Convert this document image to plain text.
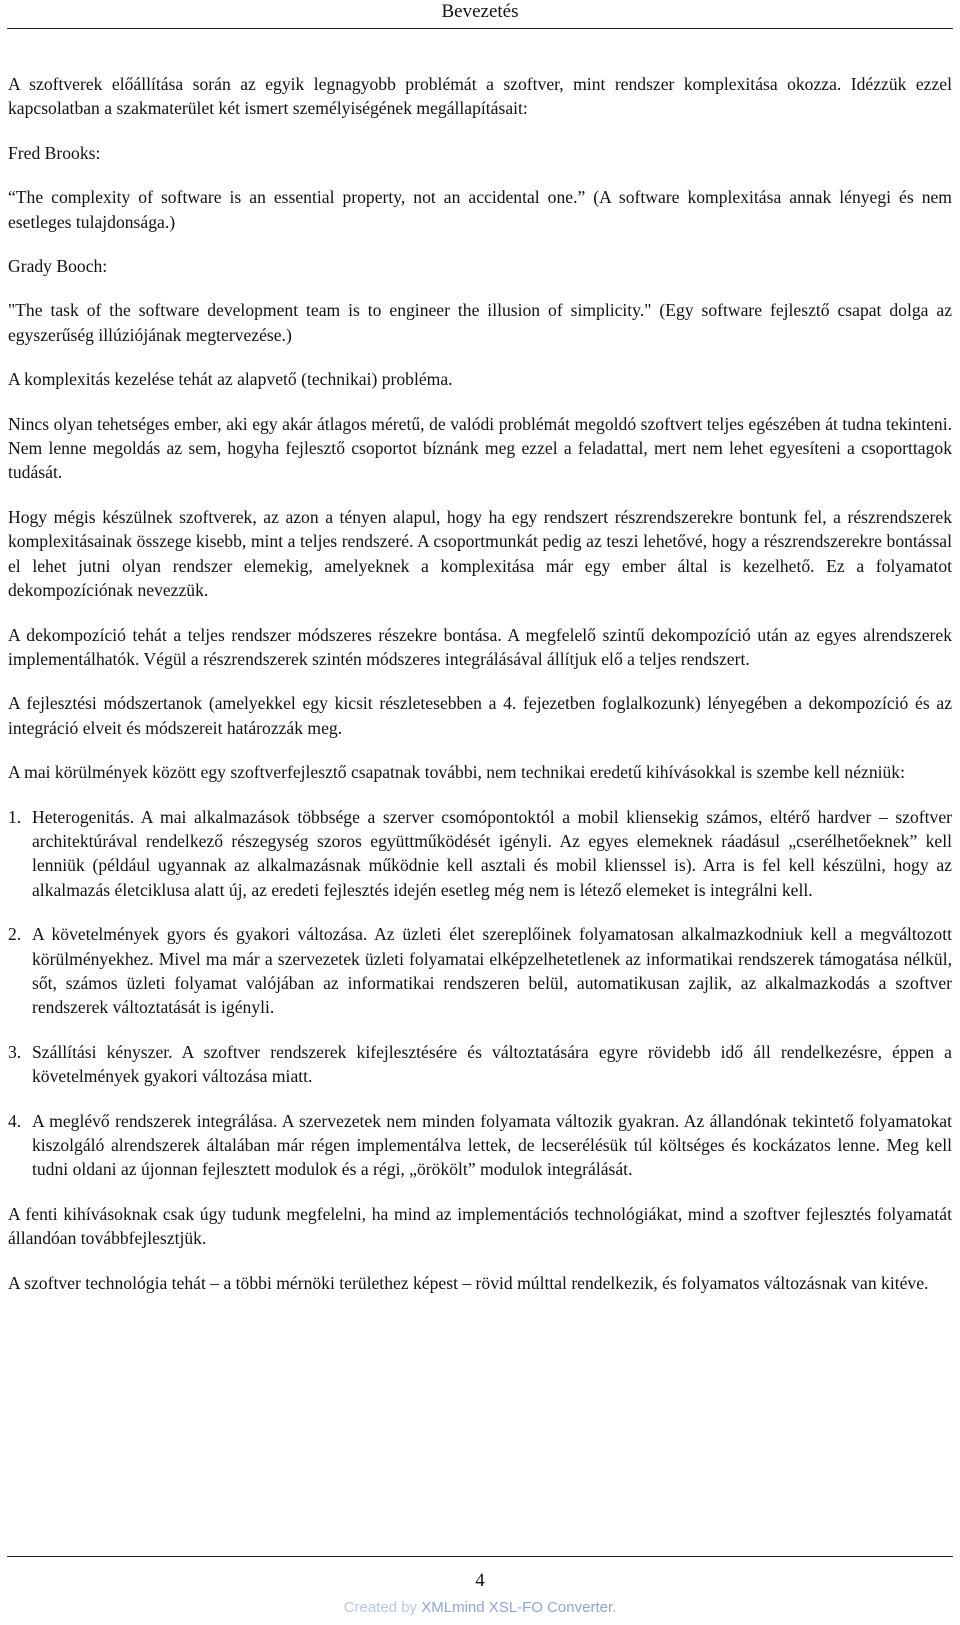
Bevezetés

A szoftverek előállítása során az egyik legnagyobb problémát a szoftver, mint rendszer komplexitása okozza. Idézzük ezzel kapcsolatban a szakmaterület két ismert személyiségének megállapításait:

Fred Brooks:

“The complexity of software is an essential property, not an accidental one.” (A software komplexitása annak lényegi és nem esetleges tulajdonsága.)

Grady Booch:

"The task of the software development team is to engineer the illusion of simplicity." (Egy software fejlesztő csapat dolga az egyszerűség illúziójának megtervezése.)

A komplexitás kezelése tehát az alapvető (technikai) probléma.

Nincs olyan tehetséges ember, aki egy akár átlagos méretű, de valódi problémát megoldó szoftvert teljes egészében át tudna tekinteni. Nem lenne megoldás az sem, hogyha fejlesztő csoportot bíznánk meg ezzel a feladattal, mert nem lehet egyesíteni a csoporttagok tudását.

Hogy mégis készülnek szoftverek, az azon a tényen alapul, hogy ha egy rendszert részrendszerekre bontunk fel, a részrendszerek komplexitásainak összege kisebb, mint a teljes rendszeré. A csoportmunkát pedig az teszi lehetővé, hogy a részrendszerekre bontással el lehet jutni olyan rendszer elemekig, amelyeknek a komplexitása már egy ember által is kezelhető. Ez a folyamatot dekompozíciónak nevezzük.

A dekompozíció tehát a teljes rendszer módszeres részekre bontása. A megfelelő szintű dekompozíció után az egyes alrendszerek implementálhatók. Végül a részrendszerek szintén módszeres integrálásával állítjuk elő a teljes rendszert.

A fejlesztési módszertanok (amelyekkel egy kicsit részletesebben a 4. fejezetben foglalkozunk) lényegében a dekompozíció és az integráció elveit és módszereit határozzák meg.

A mai körülmények között egy szoftverfejlesztő csapatnak további, nem technikai eredetű kihívásokkal is szembe kell nézniük:

1. Heterogenitás. A mai alkalmazások többsége a szerver csomópontoktól a mobil kliensekig számos, eltérő hardver – szoftver architektúrával rendelkező részegység szoros együttműködését igényli. Az egyes elemeknek ráadásul „cserélhetőeknek” kell lenniük (például ugyannak az alkalmazásnak működnie kell asztali és mobil klienssel is). Arra is fel kell készülni, hogy az alkalmazás életciklusa alatt új, az eredeti fejlesztés idején esetleg még nem is létező elemeket is integrálni kell.
2. A követelmények gyors és gyakori változása. Az üzleti élet szereplőinek folyamatosan alkalmazkodniuk kell a megváltozott körülményekhez. Mivel ma már a szervezetek üzleti folyamatai elképzelhetetlenek az informatikai rendszerek támogatása nélkül, sőt, számos üzleti folyamat valójában az informatikai rendszeren belül, automatikusan zajlik, az alkalmazkodás a szoftver rendszerek változtatását is igényli.
3. Szállítási kényszer. A szoftver rendszerek kifejlesztésére és változtatására egyre rövidebb idő áll rendelkezésre, éppen a követelmények gyakori változása miatt.
4. A meglévő rendszerek integrálása. A szervezetek nem minden folyamata változik gyakran. Az állandónak tekintető folyamatokat kiszolgáló alrendszerek általában már régen implementálva lettek, de lecserélésük túl költséges és kockázatos lenne. Meg kell tudni oldani az újonnan fejlesztett modulok és a régi, „örökölt” modulok integrálását.

A fenti kihívásoknak csak úgy tudunk megfelelni, ha mind az implementációs technológiákat, mind a szoftver fejlesztés folyamatát állandóan továbbfejlesztjük.

A szoftver technológia tehát – a többi mérnöki területhez képest – rövid múlttal rendelkezik, és folyamatos változásnak van kitéve.

4
Created by XMLmind XSL-FO Converter.
